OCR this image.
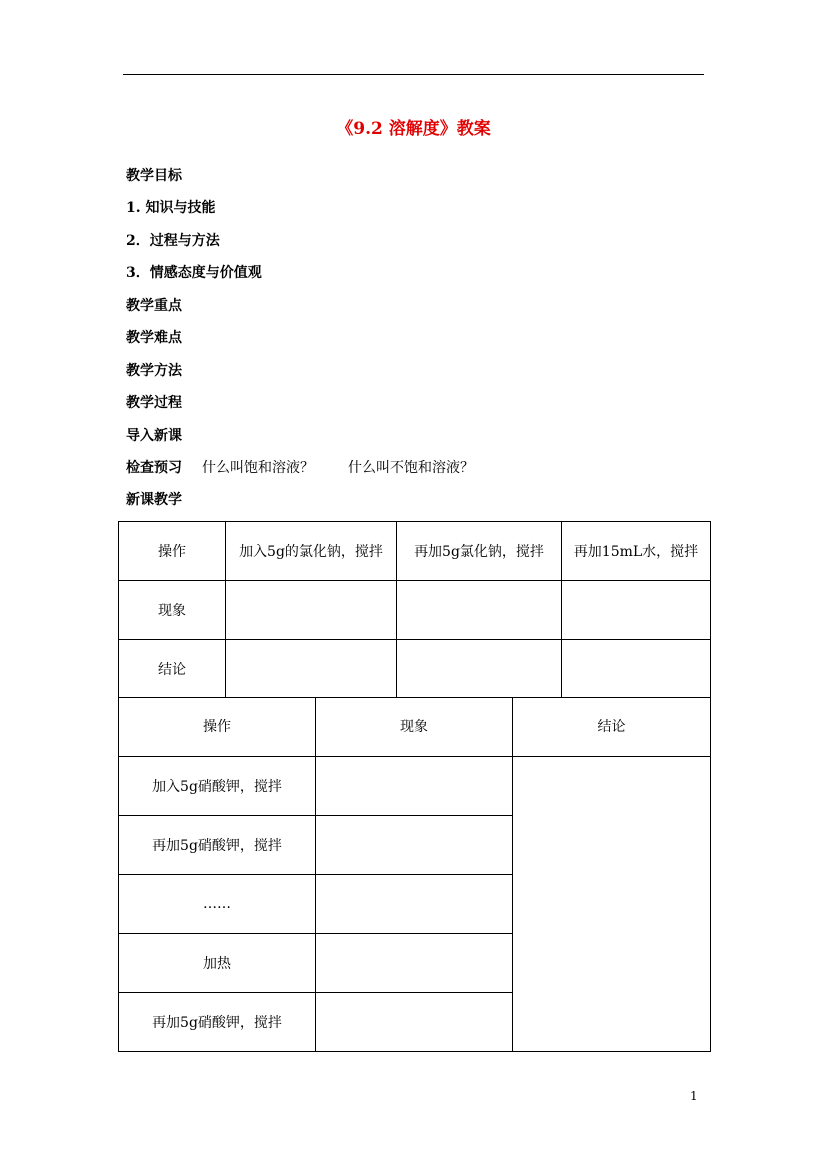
《9.2 溶解度》教案
教学目标
1. 知识与技能
2．过程与方法
3．情感态度与价值观
教学重点
教学难点
教学方法
教学过程
导入新课
检查预习 什么叫饱和溶液？ 什么叫不饱和溶液？
新课教学
操作	加入5g的氯化钠，搅拌	再加5g氯化钠，搅拌	再加15mL水，搅拌
现象			
结论			
操作	现象	结论
加入5g硝酸钾，搅拌		
再加5g硝酸钾，搅拌		
……		
加热		
再加5g硝酸钾，搅拌		
1
